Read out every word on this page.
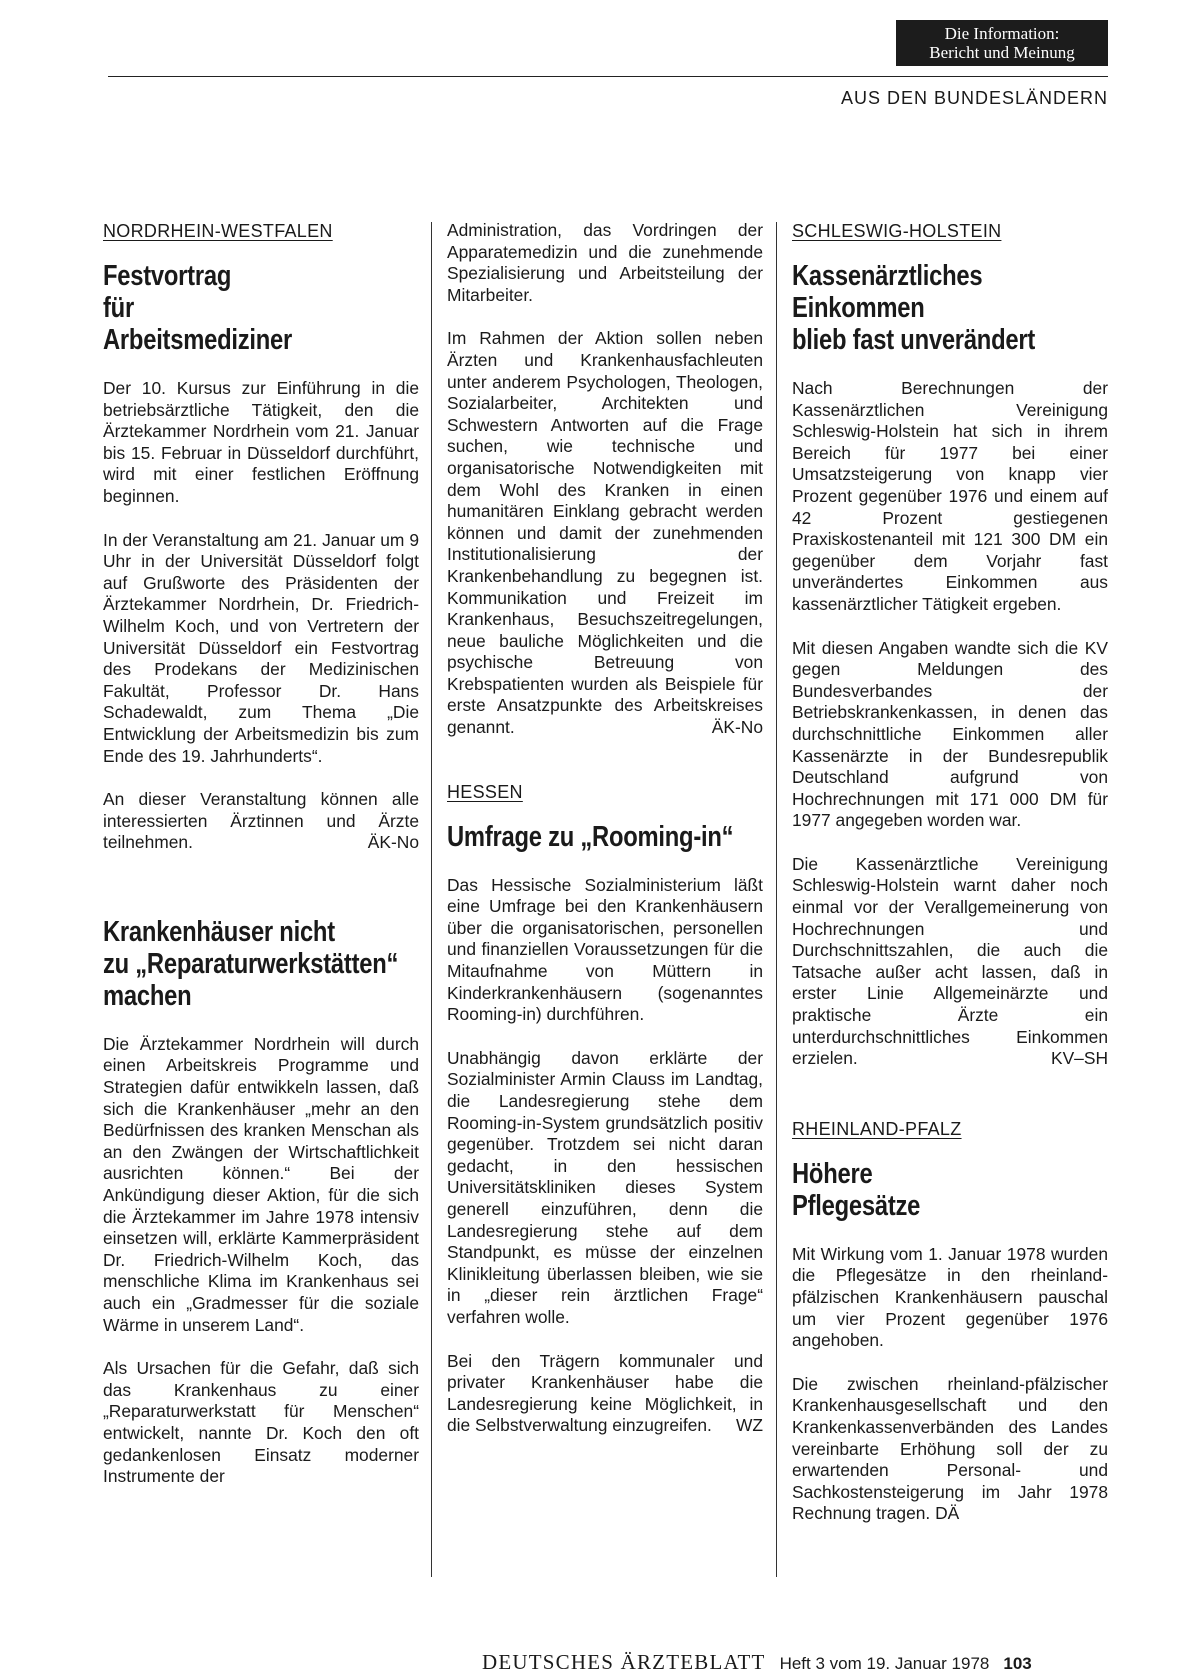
Die Information:
Bericht und Meinung
AUS DEN BUNDESLÄNDERN
NORDRHEIN-WESTFALEN
Festvortrag
für
Arbeitsmediziner

Der 10. Kursus zur Einführung in die betriebsärztliche Tätigkeit, den die Ärztekammer Nordrhein vom 21. Januar bis 15. Februar in Düsseldorf durchführt, wird mit einer festlichen Eröffnung beginnen.

In der Veranstaltung am 21. Januar um 9 Uhr in der Universität Düsseldorf folgt auf Grußworte des Präsidenten der Ärztekammer Nordrhein, Dr. Friedrich-Wilhelm Koch, und von Vertretern der Universität Düsseldorf ein Festvortrag des Prodekans der Medizinischen Fakultät, Professor Dr. Hans Schadewaldt, zum Thema „Die Entwicklung der Arbeitsmedizin bis zum Ende des 19. Jahrhunderts“.

An dieser Veranstaltung können alle interessierten Ärztinnen und Ärzte teilnehmen.	ÄK-No

Krankenhäuser nicht
zu „Reparaturwerkstätten“
machen

Die Ärztekammer Nordrhein will durch einen Arbeitskreis Programme und Strategien dafür entwikkeln lassen, daß sich die Krankenhäuser „mehr an den Bedürfnissen des kranken Menschan als an den Zwängen der Wirtschaftlichkeit ausrichten können.“ Bei der Ankündigung dieser Aktion, für die sich die Ärztekammer im Jahre 1978 intensiv einsetzen will, erklärte Kammerpräsident Dr. Friedrich-Wilhelm Koch, das menschliche Klima im Krankenhaus sei auch ein „Gradmesser für die soziale Wärme in unserem Land“.

Als Ursachen für die Gefahr, daß sich das Krankenhaus zu einer „Reparaturwerkstatt für Menschen“ entwickelt, nannte Dr. Koch den oft gedankenlosen Einsatz moderner Instrumente der

Administration, das Vordringen der Apparatemedizin und die zunehmende Spezialisierung und Arbeitsteilung der Mitarbeiter.

Im Rahmen der Aktion sollen neben Ärzten und Krankenhausfachleuten unter anderem Psychologen, Theologen, Sozialarbeiter, Architekten und Schwestern Antworten auf die Frage suchen, wie technische und organisatorische Notwendigkeiten mit dem Wohl des Kranken in einen humanitären Einklang gebracht werden können und damit der zunehmenden Institutionalisierung der Krankenbehandlung zu begegnen ist. Kommunikation und Freizeit im Krankenhaus, Besuchszeitregelungen, neue bauliche Möglichkeiten und die psychische Betreuung von Krebspatienten wurden als Beispiele für erste Ansatzpunkte des Arbeitskreises genannt.	ÄK-No

HESSEN
Umfrage zu „Rooming-in“

Das Hessische Sozialministerium läßt eine Umfrage bei den Krankenhäusern über die organisatorischen, personellen und finanziellen Voraussetzungen für die Mitaufnahme von Müttern in Kinderkrankenhäusern (sogenanntes Rooming-in) durchführen.

Unabhängig davon erklärte der Sozialminister Armin Clauss im Landtag, die Landesregierung stehe dem Rooming-in-System grundsätzlich positiv gegenüber. Trotzdem sei nicht daran gedacht, in den hessischen Universitätskliniken dieses System generell einzuführen, denn die Landesregierung stehe auf dem Standpunkt, es müsse der einzelnen Klinikleitung überlassen bleiben, wie sie in „dieser rein ärztlichen Frage“ verfahren wolle.

Bei den Trägern kommunaler und privater Krankenhäuser habe die Landesregierung keine Möglichkeit, in die Selbstverwaltung einzugreifen. WZ

SCHLESWIG-HOLSTEIN
Kassenärztliches
Einkommen
blieb fast unverändert

Nach Berechnungen der Kassenärztlichen Vereinigung Schleswig-Holstein hat sich in ihrem Bereich für 1977 bei einer Umsatzsteigerung von knapp vier Prozent gegenüber 1976 und einem auf 42 Prozent gestiegenen Praxiskostenanteil mit 121 300 DM ein gegenüber dem Vorjahr fast unverändertes Einkommen aus kassenärztlicher Tätigkeit ergeben.

Mit diesen Angaben wandte sich die KV gegen Meldungen des Bundesverbandes der Betriebskrankenkassen, in denen das durchschnittliche Einkommen aller Kassenärzte in der Bundesrepublik Deutschland aufgrund von Hochrechnungen mit 171 000 DM für 1977 angegeben worden war.

Die Kassenärztliche Vereinigung Schleswig-Holstein warnt daher noch einmal vor der Verallgemeinerung von Hochrechnungen und Durchschnittszahlen, die auch die Tatsache außer acht lassen, daß in erster Linie Allgemeinärzte und praktische Ärzte ein unterdurchschnittliches Einkommen erzielen.	KV–SH

RHEINLAND-PFALZ
Höhere
Pflegesätze

Mit Wirkung vom 1. Januar 1978 wurden die Pflegesätze in den rheinland-pfälzischen Krankenhäusern pauschal um vier Prozent gegenüber 1976 angehoben.

Die zwischen rheinland-pfälzischer Krankenhausgesellschaft und den Krankenkassenverbänden des Landes vereinbarte Erhöhung soll der zu erwartenden Personal- und Sachkostensteigerung im Jahr 1978 Rechnung tragen. DÄ

DEUTSCHES ÄRZTEBLATT Heft 3 vom 19. Januar 1978 103
